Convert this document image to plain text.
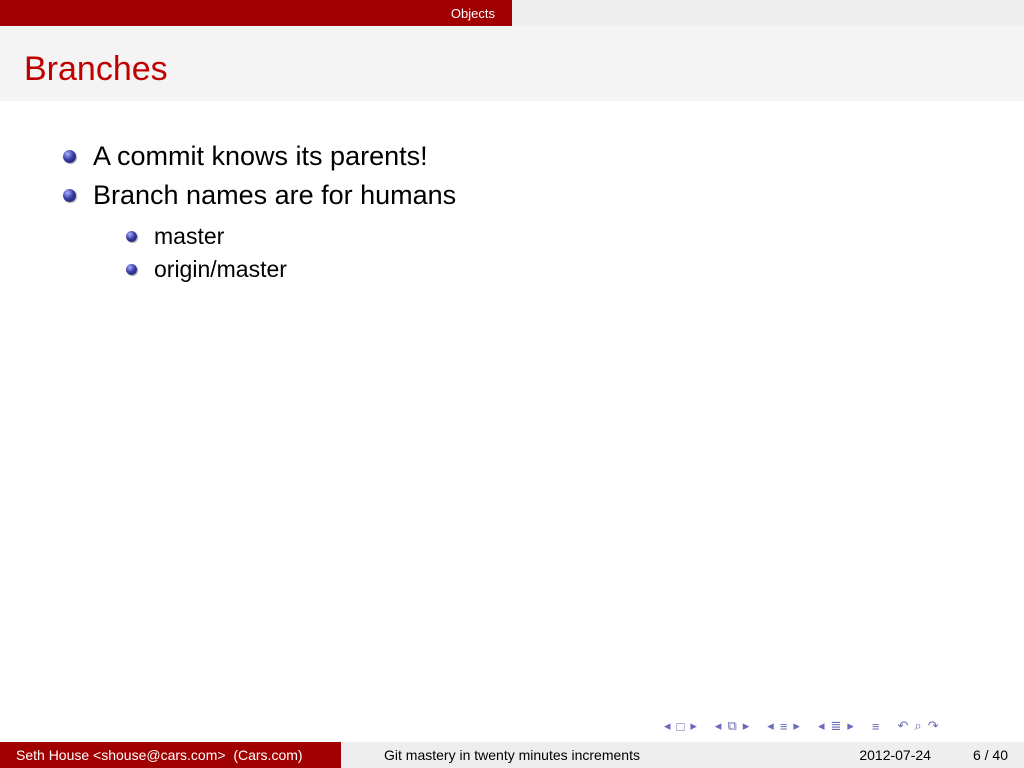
Objects
Branches
A commit knows its parents!
Branch names are for humans
master
origin/master
◂ □ ▸ ◂ ⧉ ▸ ◂ ≡ ▸ ◂ ≣ ▸ ≡ ↶ ⌕ ↷
Seth House <shouse@cars.com>
(Cars.com)	Git mastery in twenty minutes increments	2012-07-24	6 / 40
